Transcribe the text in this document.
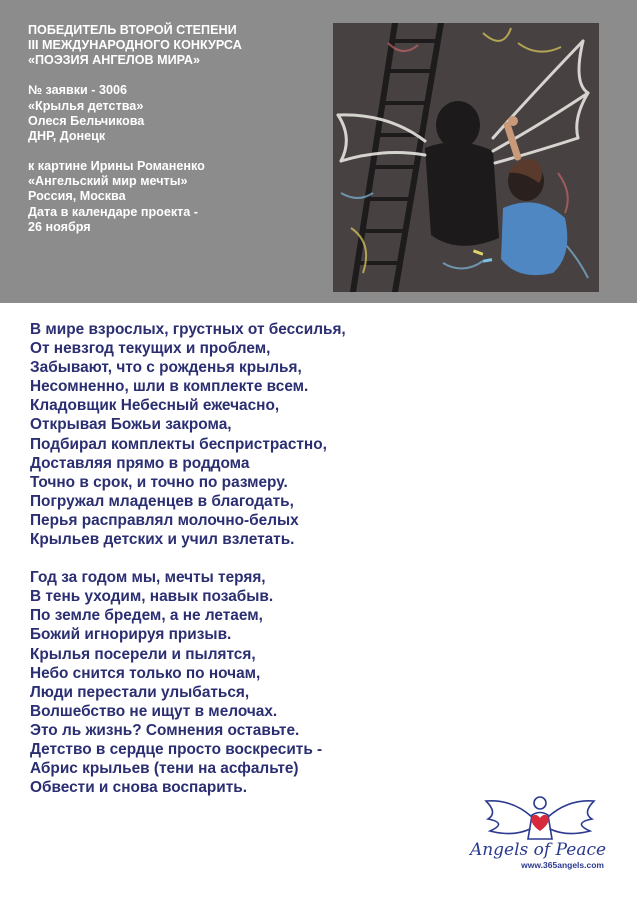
ПОБЕДИТЕЛЬ ВТОРОЙ СТЕПЕНИ
III МЕЖДУНАРОДНОГО КОНКУРСА
«ПОЭЗИЯ АНГЕЛОВ МИРА»
№ заявки - 3006
«Крылья детства»
Олеся Бельчикова
ДНР, Донецк
к картине Ирины Романенко
«Ангельский мир мечты»
Россия, Москва
Дата в календаре проекта -
26 ноября
В мире взрослых, грустных от бессилья,
От невзгод текущих и проблем,
Забывают, что с рожденья крылья,
Несомненно, шли в комплекте всем.
Кладовщик Небесный ежечасно,
Открывая Божьи закрома,
Подбирал комплекты беспристрастно,
Доставляя прямо в роддома
Точно в срок, и точно по размеру.
Погружал младенцев в благодать,
Перья расправлял молочно-белых
Крыльев детских и учил взлетать.
Год за годом мы, мечты теряя,
В тень уходим, навык позабыв.
По земле бредем, а не летаем,
Божий игнорируя призыв.
Крылья посерели и пылятся,
Небо снится только по ночам,
Люди перестали улыбаться,
Волшебство не ищут в мелочах.
Это ль жизнь? Сомнения оставьте.
Детство в сердце просто воскресить -
Абрис крыльев (тени на асфальте)
Обвести и снова воспарить.
Angels of Peace
www.365angels.com
